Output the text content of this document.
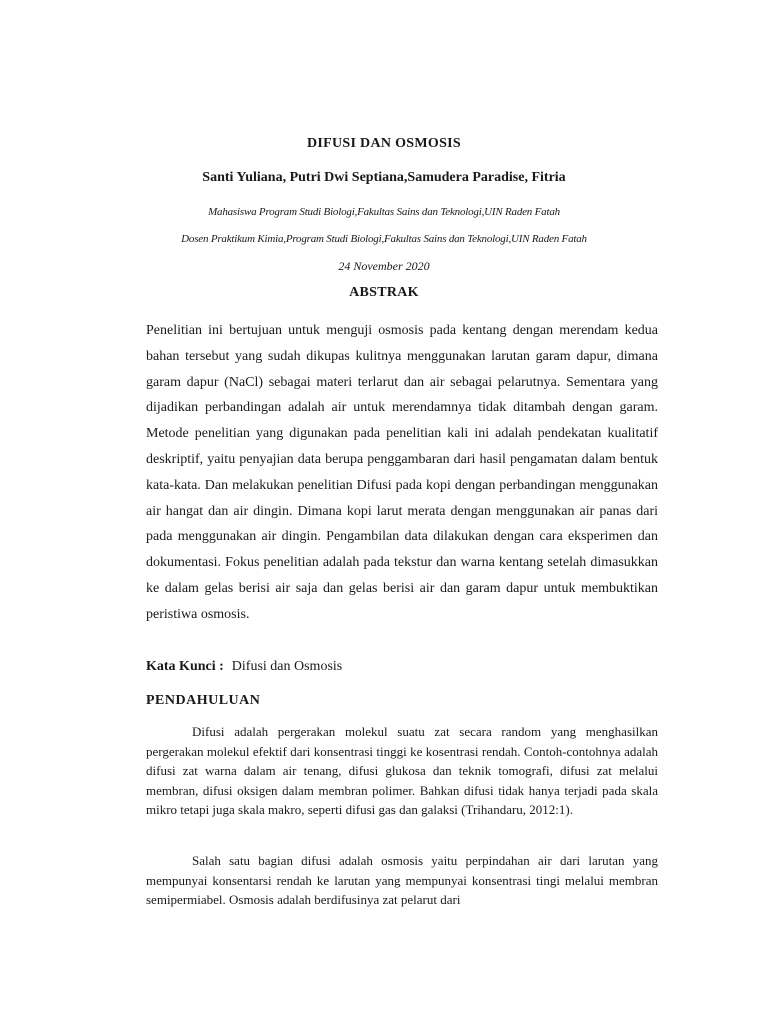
DIFUSI DAN OSMOSIS
Santi Yuliana, Putri Dwi Septiana,Samudera Paradise, Fitria
Mahasiswa Program Studi Biologi,Fakultas Sains dan Teknologi,UIN Raden Fatah
Dosen Praktikum Kimia,Program Studi Biologi,Fakultas Sains dan Teknologi,UIN Raden Fatah
24 November 2020
ABSTRAK

Penelitian ini bertujuan untuk menguji osmosis pada kentang dengan merendam kedua bahan tersebut yang sudah dikupas kulitnya menggunakan larutan garam dapur, dimana garam dapur (NaCl) sebagai materi terlarut dan air sebagai pelarutnya. Sementara yang dijadikan perbandingan adalah air untuk merendamnya tidak ditambah dengan garam. Metode penelitian yang digunakan pada penelitian kali ini adalah pendekatan kualitatif deskriptif, yaitu penyajian data berupa penggambaran dari hasil pengamatan dalam bentuk kata-kata. Dan melakukan penelitian Difusi pada kopi dengan perbandingan menggunakan air hangat dan air dingin. Dimana kopi larut merata dengan menggunakan air panas dari pada menggunakan air dingin. Pengambilan data dilakukan dengan cara eksperimen dan dokumentasi. Fokus penelitian adalah pada tekstur dan warna kentang setelah dimasukkan ke dalam gelas berisi air saja dan gelas berisi air dan garam dapur untuk membuktikan peristiwa osmosis.

Kata Kunci : Difusi dan Osmosis
PENDAHULUAN

Difusi adalah pergerakan molekul suatu zat secara random yang menghasilkan pergerakan molekul efektif dari konsentrasi tinggi ke kosentrasi rendah. Contoh-contohnya adalah difusi zat warna dalam air tenang, difusi glukosa dan teknik tomografi, difusi zat melalui membran, difusi oksigen dalam membran polimer. Bahkan difusi tidak hanya terjadi pada skala mikro tetapi juga skala makro, seperti difusi gas dan galaksi (Trihandaru, 2012:1).

Salah satu bagian difusi adalah osmosis yaitu perpindahan air dari larutan yang mempunyai konsentarsi rendah ke larutan yang mempunyai konsentrasi tingi melalui membran semipermiabel. Osmosis adalah berdifusinya zat pelarut dari
